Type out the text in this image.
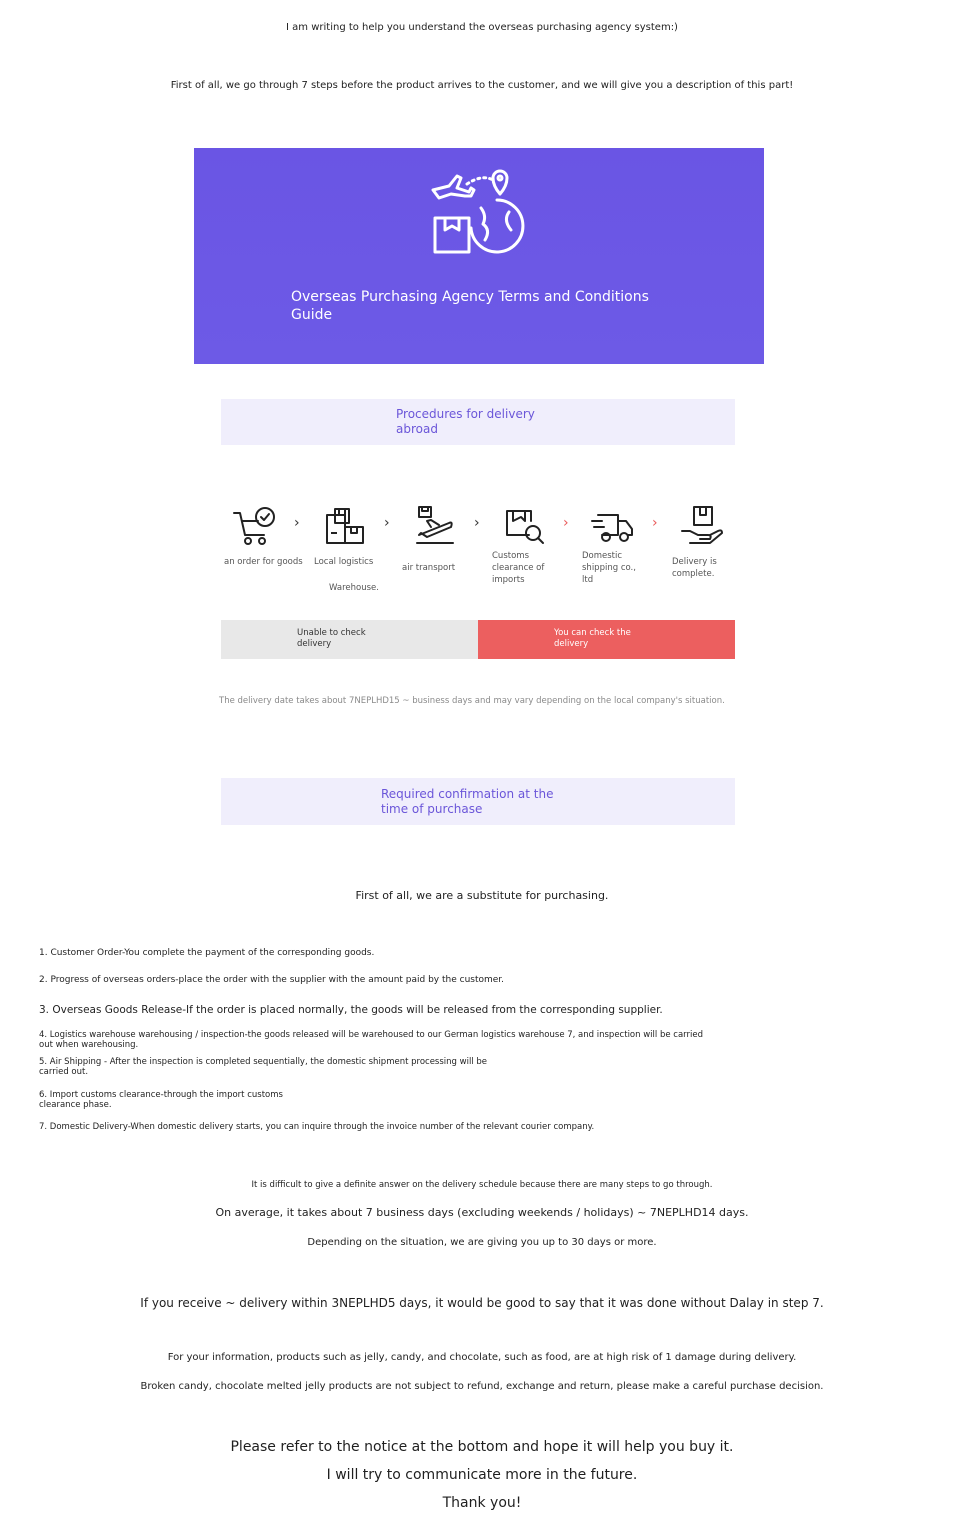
I am writing to help you understand the overseas purchasing agency system:)
First of all, we go through 7 steps before the product arrives to the customer, and we will give you a description of this part!
Overseas Purchasing Agency Terms and Conditions Guide
Procedures for delivery abroad
an order for goods
›
Local logistics
Warehouse.
›
air transport
›
Customs clearance of imports
›
Domestic shipping co., ltd
›
Delivery is complete.
Unable to check delivery
You can check the delivery
The delivery date takes about 7NEPLHD15 ~ business days and may vary depending on the local company's situation.
Required confirmation at the time of purchase
First of all, we are a substitute for purchasing.
1. Customer Order-You complete the payment of the corresponding goods.
2. Progress of overseas orders-place the order with the supplier with the amount paid by the customer.
3. Overseas Goods Release-If the order is placed normally, the goods will be released from the corresponding supplier.
4. Logistics warehouse warehousing / inspection-the goods released will be warehoused to our German logistics warehouse 7, and inspection will be carried out when warehousing.
5. Air Shipping - After the inspection is completed sequentially, the domestic shipment processing will be carried out.
6. Import customs clearance-through the import customs clearance phase.
7. Domestic Delivery-When domestic delivery starts, you can inquire through the invoice number of the relevant courier company.
It is difficult to give a definite answer on the delivery schedule because there are many steps to go through.
On average, it takes about 7 business days (excluding weekends / holidays) ~ 7NEPLHD14 days.
Depending on the situation, we are giving you up to 30 days or more.
If you receive ~ delivery within 3NEPLHD5 days, it would be good to say that it was done without Dalay in step 7.
For your information, products such as jelly, candy, and chocolate, such as food, are at high risk of 1 damage during delivery.
Broken candy, chocolate melted jelly products are not subject to refund, exchange and return, please make a careful purchase decision.
Please refer to the notice at the bottom and hope it will help you buy it.
I will try to communicate more in the future.
Thank you!
